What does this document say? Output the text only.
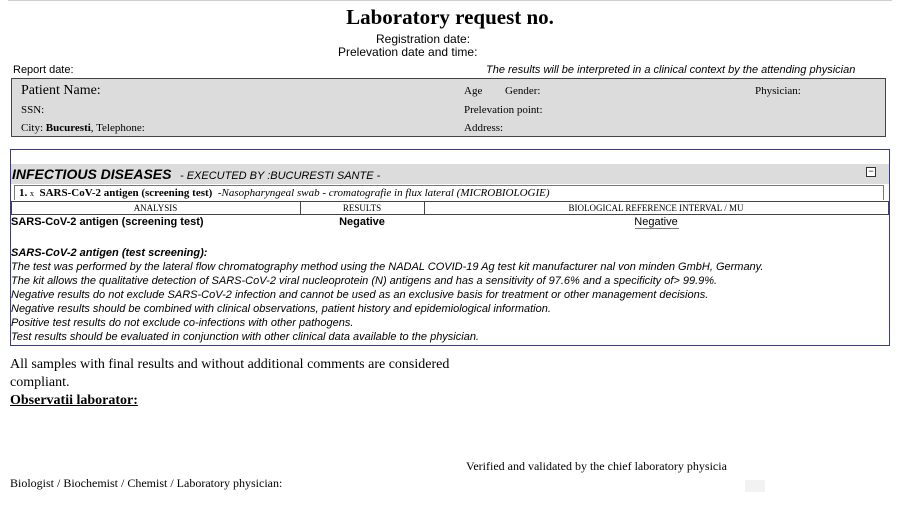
Laboratory request no.
Registration date:
Prelevation date and time:
Report date:	The results will be interpreted in a clinical context by the attending physician
Patient Name:	Age Gender:	Physician:
SSN:	Prelevation point:
City: Bucuresti, Telephone:	Address:
INFECTIOUS DISEASES - EXECUTED BY :BUCURESTI SANTE -	−
1. x SARS-CoV-2 antigen (screening test) -Nasopharyngeal swab - cromatografie in flux lateral (MICROBIOLOGIE)
ANALYSIS	RESULTS	BIOLOGICAL REFERENCE INTERVAL / MU
SARS-CoV-2 antigen (screening test)	Negative	Negative
SARS-CoV-2 antigen (test screening):
The test was performed by the lateral flow chromatography method using the NADAL COVID-19 Ag test kit manufacturer nal von minden GmbH, Germany.
The kit allows the qualitative detection of SARS-CoV-2 viral nucleoprotein (N) antigens and has a sensitivity of 97.6% and a specificity of> 99.9%.
Negative results do not exclude SARS-CoV-2 infection and cannot be used as an exclusive basis for treatment or other management decisions.
Negative results should be combined with clinical observations, patient history and epidemiological information.
Positive test results do not exclude co-infections with other pathogens.
Test results should be evaluated in conjunction with other clinical data available to the physician.
All samples with final results and without additional comments are considered
compliant.
Observatii laborator:
Verified and validated by the chief laboratory physicia
Biologist / Biochemist / Chemist / Laboratory physician:
